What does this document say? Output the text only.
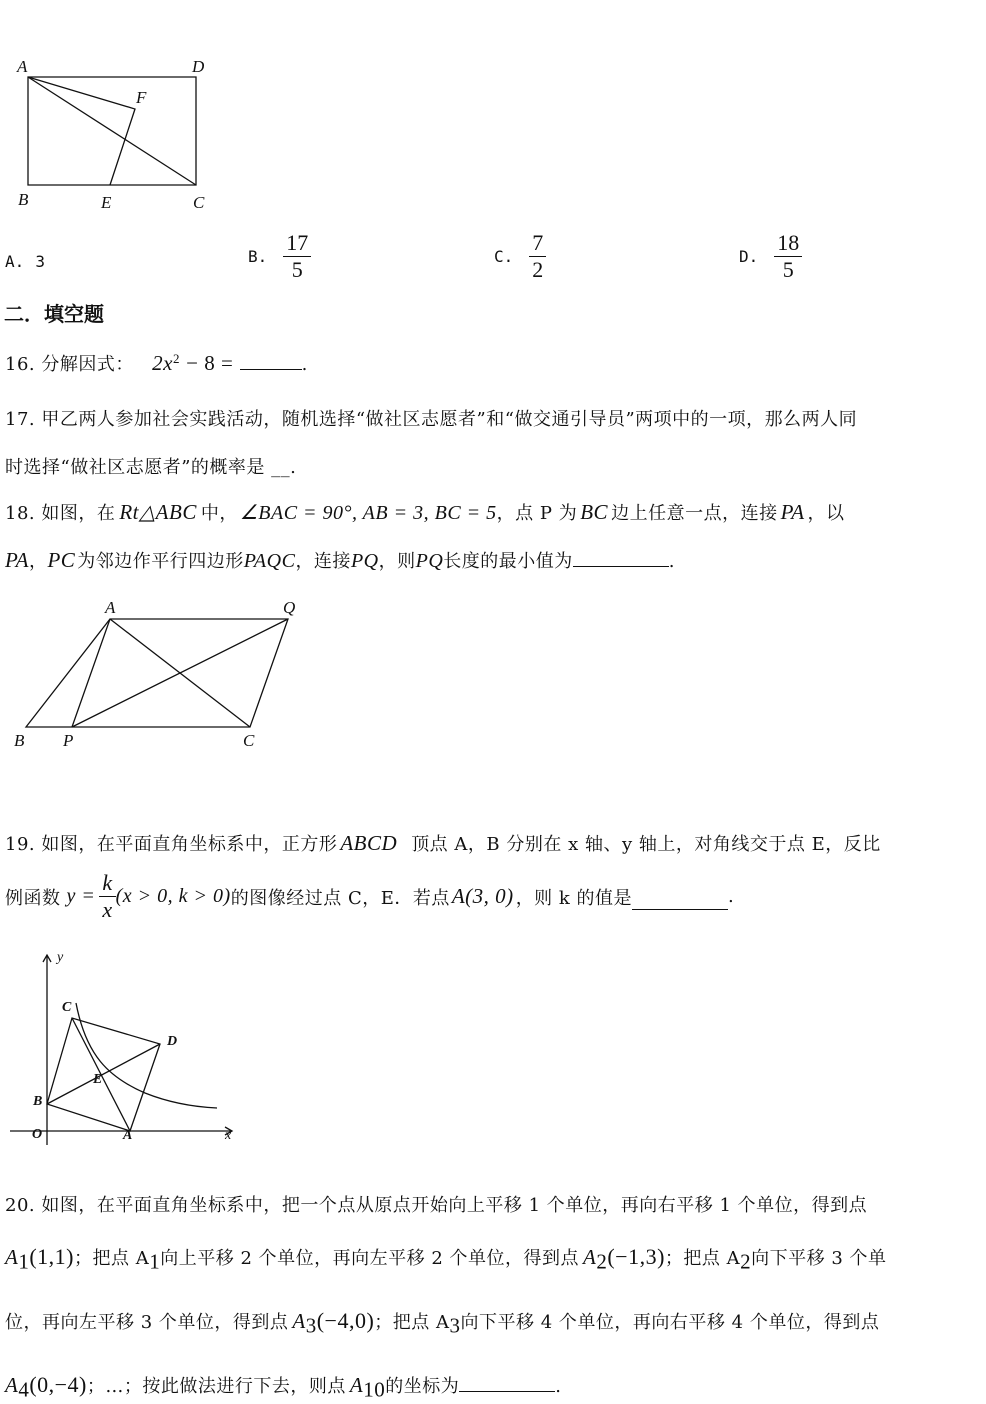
A	D
F
B	E	C
A. 3	B. $\frac{17}{5}$	C. $\frac{7}{2}$	D. $\frac{18}{5}$
二．填空题
16. 分解因式： $2x^2 - 8$ =	.
17. 甲乙两人参加社会实践活动，随机选择“做社区志愿者”和“做交通引导员”两项中的一项，那么两人同
时选择“做社区志愿者”的概率是 __.
18. 如图，在 Rt△ABC 中， ∠BAC = 90°, AB = 3, BC = 5，点 P 为 BC 边上任意一点，连接 PA ，以
PA，PC 为邻边作平行四边形PAQC，连接PQ，则PQ长度的最小值为	.
A	Q
B P	C
19. 如图，在平面直角坐标系中，正方形 ABCD 顶点 A，B 分别在 x 轴、y 轴上，对角线交于点 E，反比
例函数 $y = \frac{k}{x} (x > 0$, k > 0) 的图像经过点 C，E．若点 A(3, 0) ，则 k 的值是	.
y
x
O	A
B
C
D
E
20. 如图，在平面直角坐标系中，把一个点从原点开始向上平移 1 个单位，再向右平移 1 个单位，得到点
$A_1(1,1)$；把点 $A_1$向上平移 2 个单位，再向左平移 2 个单位，得到点 $A_2(-1,3)$；把点 $A_2$向下平移 3 个单
位，再向左平移 3 个单位，得到点 $A_3(-4,0)$；把点 $A_3$向下平移 4 个单位，再向右平移 4 个单位，得到点
$A_4(0,-4)$；…；按此做法进行下去，则点 $A_{10}$的坐标为	.
